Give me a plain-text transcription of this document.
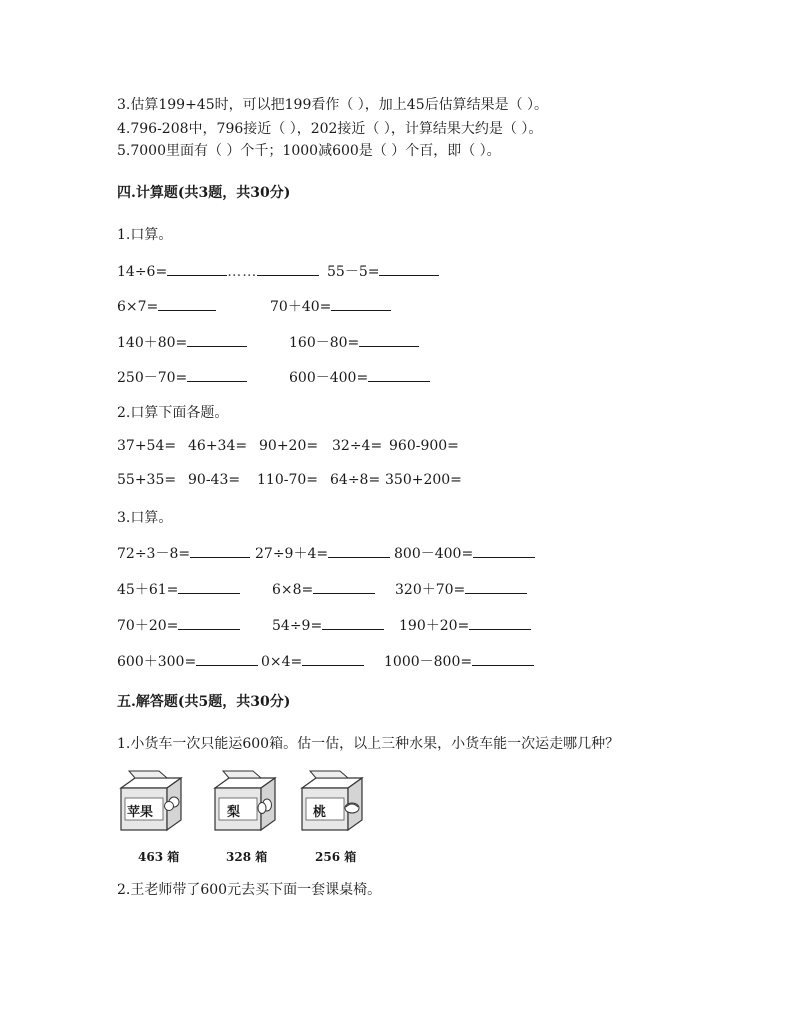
3.估算199+45时，可以把199看作（ ），加上45后估算结果是（ ）。
4.796-208中，796接近（ ），202接近（ ），计算结果大约是（ ）。
5.7000里面有（ ）个千；1000减600是（ ）个百，即（ ）。
四.计算题(共3题，共30分)
1.口算。
14÷6=	……	55－5=
6×7=	70＋40=
140＋80=	160－80=
250－70=	600－400=
2.口算下面各题。
37+54= 46+34= 90+20= 32÷4= 960-900=
55+35= 90-43= 110-70= 64÷8= 350+200=
3.口算。
72÷3－8=	27÷9＋4=	800－400=
45＋61=	6×8=	320＋70=
70＋20=	54÷9=	190＋20=
600＋300=	0×4=	1000－800=
五.解答题(共5题，共30分)
1.小货车一次只能运600箱。估一估，以上三种水果，小货车能一次运走哪几种？
苹果	梨	桃
463 箱	328 箱	256 箱
2.王老师带了600元去买下面一套课桌椅。
